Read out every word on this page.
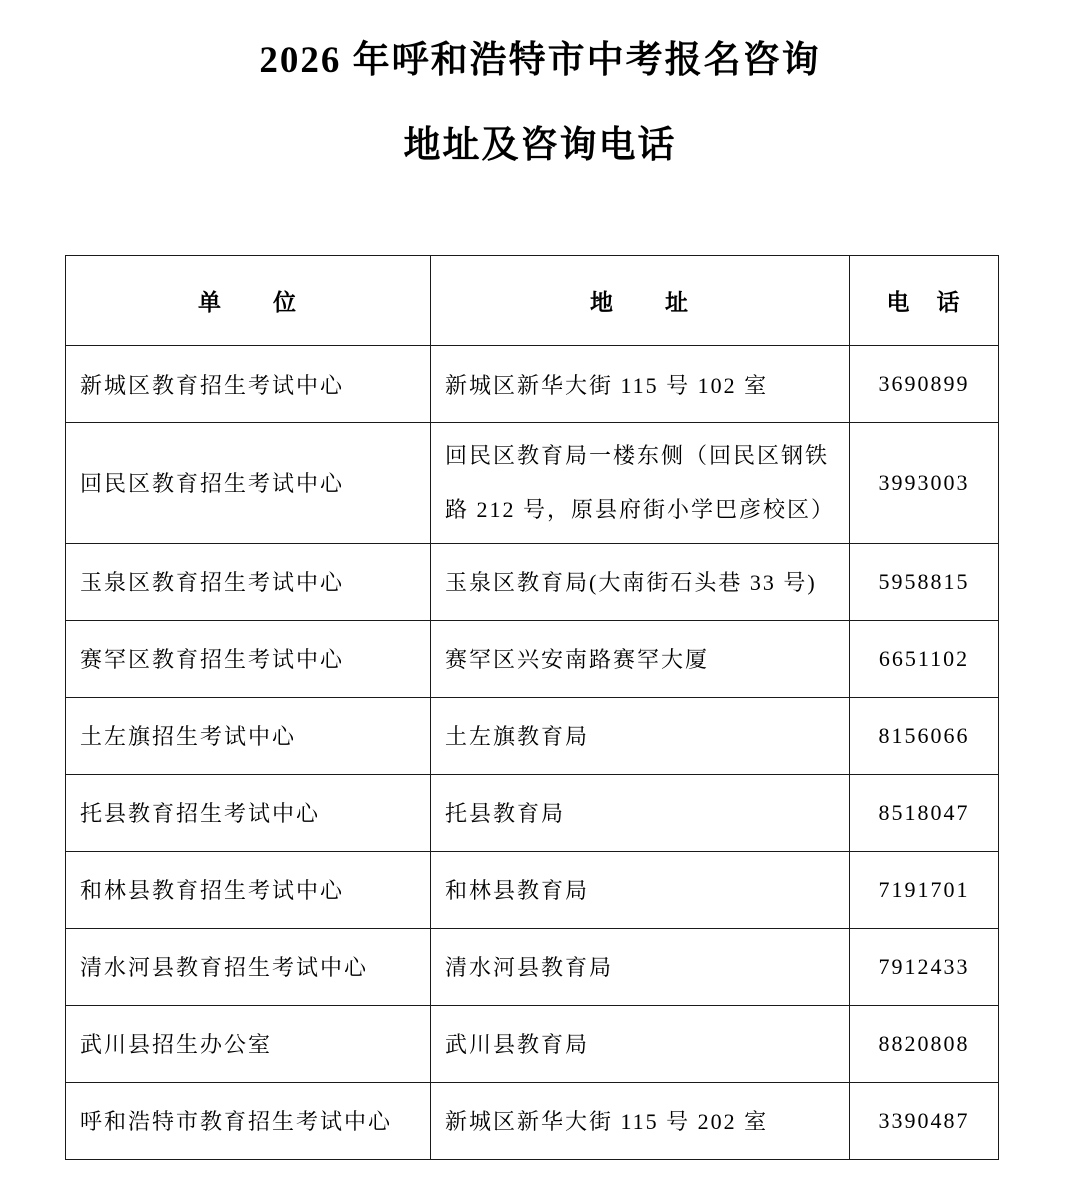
2026 年呼和浩特市中考报名咨询
地址及咨询电话
单　　位	地　　址	电　话
新城区教育招生考试中心	新城区新华大街 115 号 102 室	3690899
回民区教育招生考试中心	回民区教育局一楼东侧（回民区钢铁路 212 号，原县府街小学巴彦校区）	3993003
玉泉区教育招生考试中心	玉泉区教育局(大南街石头巷 33 号)	5958815
赛罕区教育招生考试中心	赛罕区兴安南路赛罕大厦	6651102
土左旗招生考试中心	土左旗教育局	8156066
托县教育招生考试中心	托县教育局	8518047
和林县教育招生考试中心	和林县教育局	7191701
清水河县教育招生考试中心	清水河县教育局	7912433
武川县招生办公室	武川县教育局	8820808
呼和浩特市教育招生考试中心	新城区新华大街 115 号 202 室	3390487
